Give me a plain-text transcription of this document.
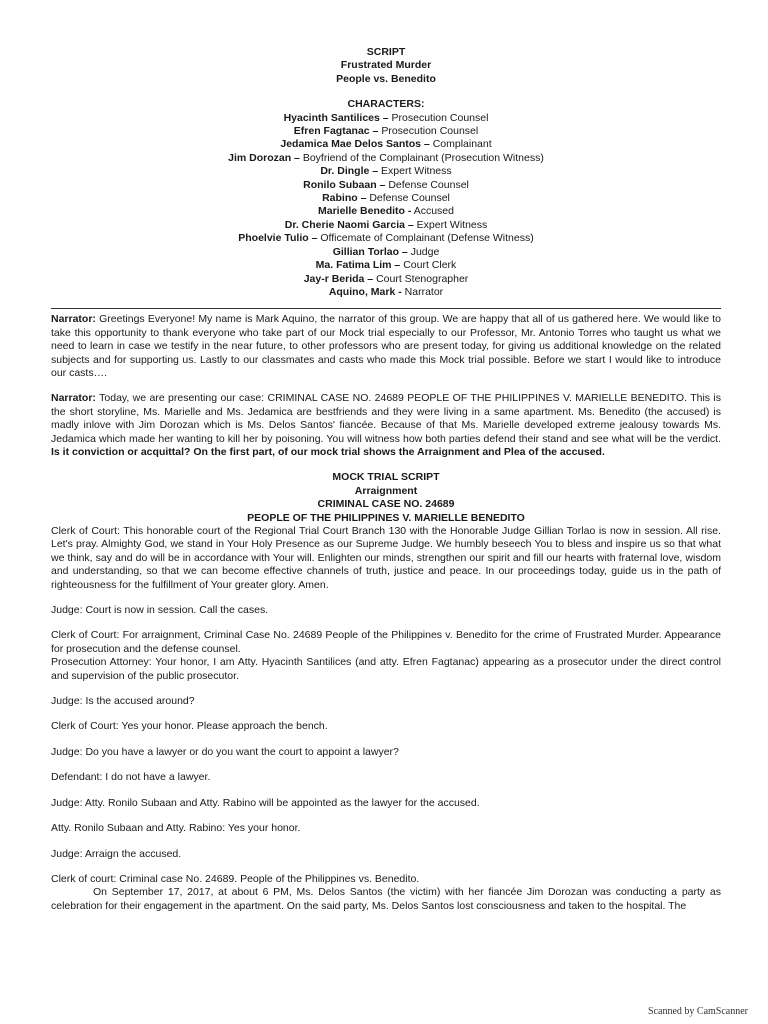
SCRIPT
Frustrated Murder
People vs. Benedito
CHARACTERS:
Hyacinth Santilices – Prosecution Counsel
Efren Fagtanac – Prosecution Counsel
Jedamica Mae Delos Santos – Complainant
Jim Dorozan – Boyfriend of the Complainant (Prosecution Witness)
Dr. Dingle – Expert Witness
Ronilo Subaan – Defense Counsel
Rabino – Defense Counsel
Marielle Benedito - Accused
Dr. Cherie Naomi Garcia – Expert Witness
Phoelvie Tulio – Officemate of Complainant (Defense Witness)
Gillian Torlao – Judge
Ma. Fatima Lim – Court Clerk
Jay-r Berida – Court Stenographer
Aquino, Mark - Narrator

Narrator: Greetings Everyone! My name is Mark Aquino, the narrator of this group. We are happy that all of us gathered here. We would like to take this opportunity to thank everyone who take part of our Mock trial especially to our Professor, Mr. Antonio Torres who taught us what we need to learn in case we testify in the near future, to other professors who are present today, for giving us additional knowledge on the related subjects and for supporting us. Lastly to our classmates and casts who made this Mock trial possible. Before we start I would like to introduce our casts….

Narrator: Today, we are presenting our case: CRIMINAL CASE NO. 24689 PEOPLE OF THE PHILIPPINES V. MARIELLE BENEDITO. This is the short storyline, Ms. Marielle and Ms. Jedamica are bestfriends and they were living in a same apartment. Ms. Benedito (the accused) is madly inlove with Jim Dorozan which is Ms. Delos Santos' fiancée. Because of that Ms. Marielle developed extreme jealousy towards Ms. Jedamica which made her wanting to kill her by poisoning. You will witness how both parties defend their stand and see what will be the verdict. Is it conviction or acquittal? On the first part, of our mock trial shows the Arraignment and Plea of the accused.

MOCK TRIAL SCRIPT
Arraignment
CRIMINAL CASE NO. 24689
PEOPLE OF THE PHILIPPINES V. MARIELLE BENEDITO

Clerk of Court: This honorable court of the Regional Trial Court Branch 130 with the Honorable Judge Gillian Torlao is now in session. All rise. Let's pray. Almighty God, we stand in Your Holy Presence as our Supreme Judge. We humbly beseech You to bless and inspire us so that what we think, say and do will be in accordance with Your will. Enlighten our minds, strengthen our spirit and fill our hearts with fraternal love, wisdom and understanding, so that we can become effective channels of truth, justice and peace. In our proceedings today, guide us in the path of righteousness for the fulfillment of Your greater glory. Amen.

Judge: Court is now in session. Call the cases.

Clerk of Court: For arraignment, Criminal Case No. 24689 People of the Philippines v. Benedito for the crime of Frustrated Murder. Appearance for prosecution and the defense counsel.

Prosecution Attorney: Your honor, I am Atty. Hyacinth Santilices (and atty. Efren Fagtanac) appearing as a prosecutor under the direct control and supervision of the public prosecutor.

Judge: Is the accused around?

Clerk of Court: Yes your honor. Please approach the bench.

Judge: Do you have a lawyer or do you want the court to appoint a lawyer?

Defendant: I do not have a lawyer.

Judge: Atty. Ronilo Subaan and Atty. Rabino will be appointed as the lawyer for the accused.

Atty. Ronilo Subaan and Atty. Rabino: Yes your honor.

Judge: Arraign the accused.

Clerk of court: Criminal case No. 24689. People of the Philippines vs. Benedito.

On September 17, 2017, at about 6 PM, Ms. Delos Santos (the victim) with her fiancée Jim Dorozan was conducting a party as celebration for their engagement in the apartment. On the said party, Ms. Delos Santos lost consciousness and taken to the hospital. The

Scanned by CamScanner
